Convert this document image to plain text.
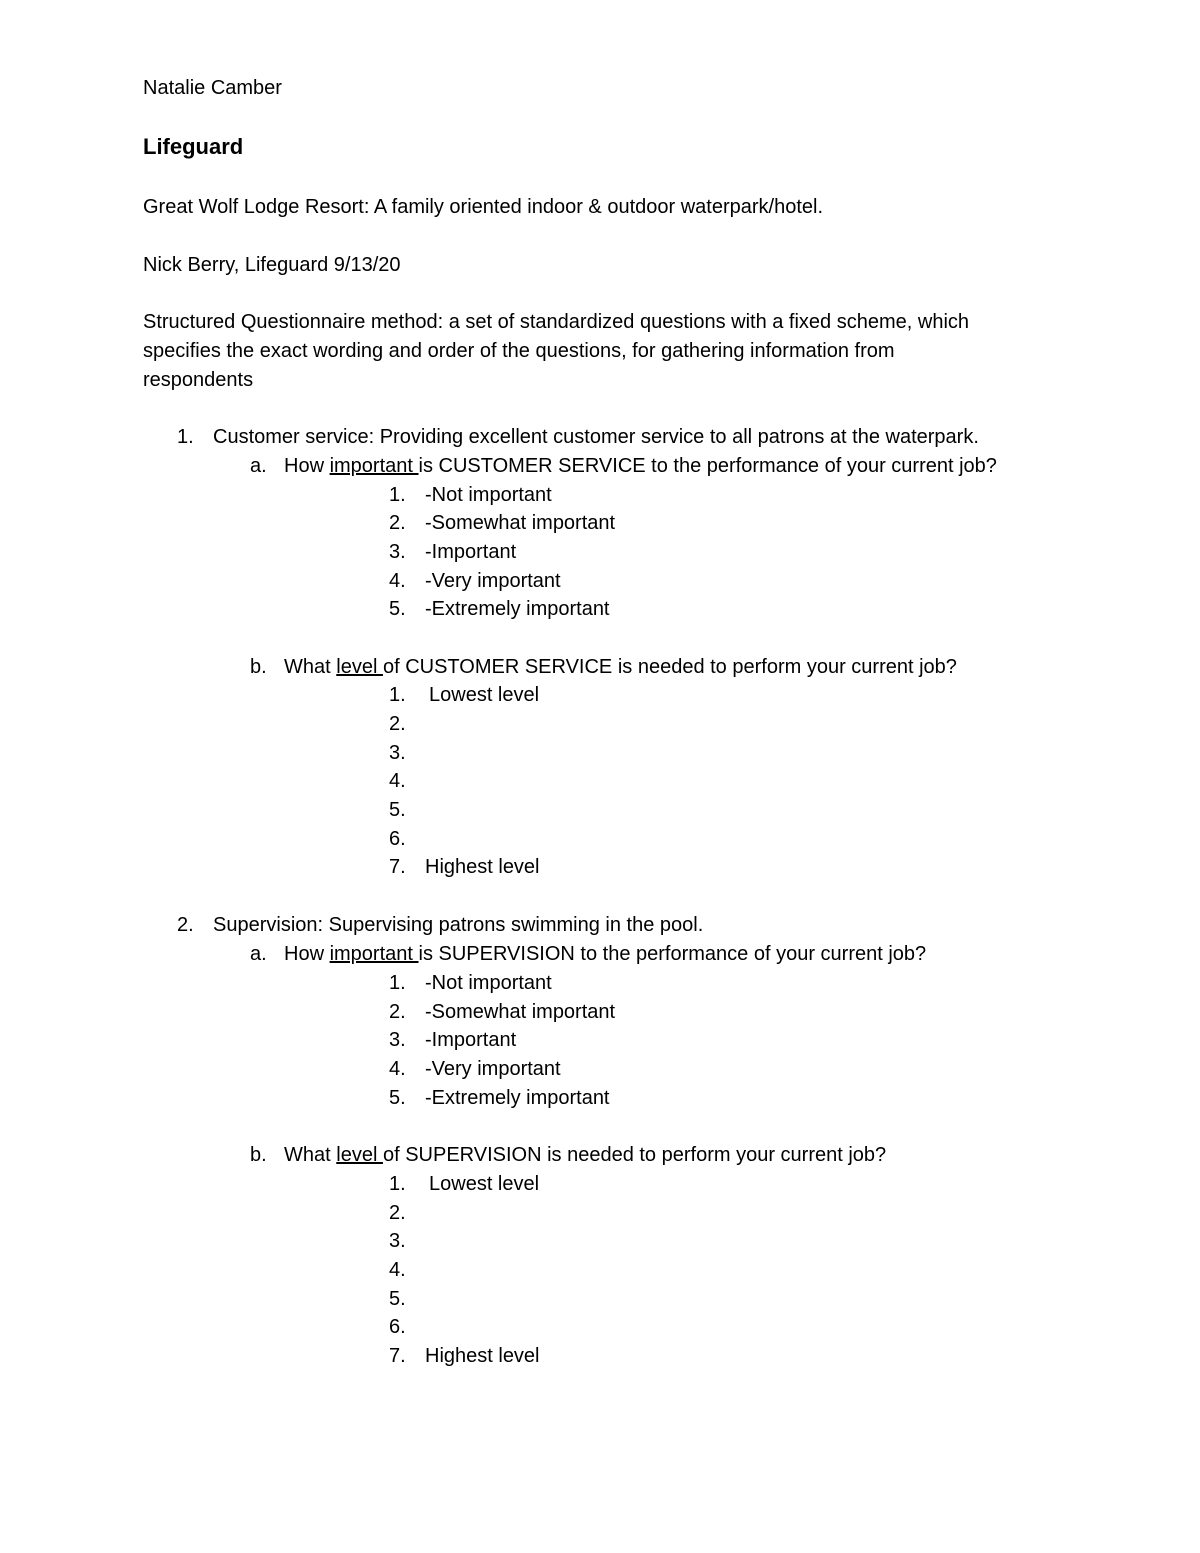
Natalie Camber
Lifeguard
Great Wolf Lodge Resort: A family oriented indoor & outdoor waterpark/hotel.
Nick Berry, Lifeguard 9/13/20
Structured Questionnaire method: a set of standardized questions with a fixed scheme, which
specifies the exact wording and order of the questions, for gathering information from
respondents
1. Customer service: Providing excellent customer service to all patrons at the waterpark.
a. How important is CUSTOMER SERVICE to the performance of your current job?
1. -Not important
2. -Somewhat important
3. -Important
4. -Very important
5. -Extremely important
b. What level of CUSTOMER SERVICE is needed to perform your current job?
1. Lowest level
2.
3.
4.
5.
6.
7. Highest level
2. Supervision: Supervising patrons swimming in the pool.
a. How important is SUPERVISION to the performance of your current job?
1. -Not important
2. -Somewhat important
3. -Important
4. -Very important
5. -Extremely important
b. What level of SUPERVISION is needed to perform your current job?
1. Lowest level
2.
3.
4.
5.
6.
7. Highest level
